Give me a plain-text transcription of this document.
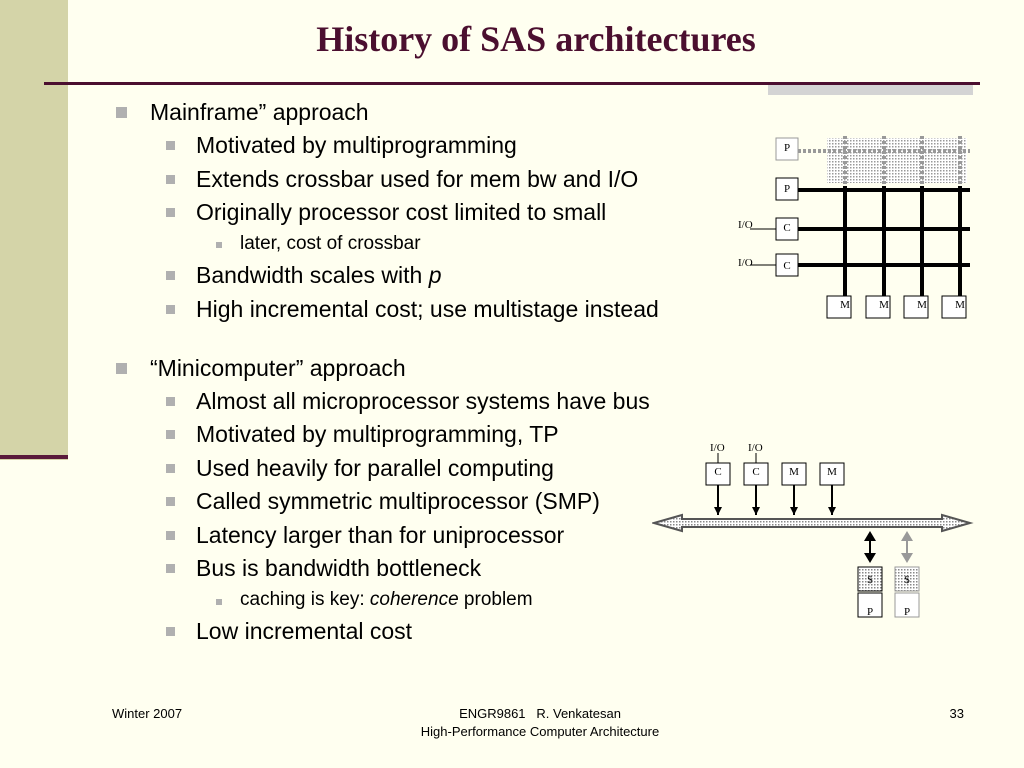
History of SAS architectures
Mainframe” approach
Motivated by multiprogramming
Extends crossbar used for mem bw and I/O
Originally processor cost limited to small
later, cost of crossbar
Bandwidth scales with p
High incremental cost; use multistage instead
“Minicomputer” approach
Almost all microprocessor systems have bus
Motivated by multiprogramming, TP
Used heavily for parallel computing
Called symmetric multiprocessor (SMP)
Latency larger than for uniprocessor
Bus is bandwidth bottleneck
caching is key: coherence problem
Low incremental cost
P
P
C
C
I/O
I/O
M	M	M	M
I/O I/O
C	C	M	M
$	$
P	P
Winter 2007	ENGR9861   R. Venkatesan
High-Performance Computer Architecture
33
